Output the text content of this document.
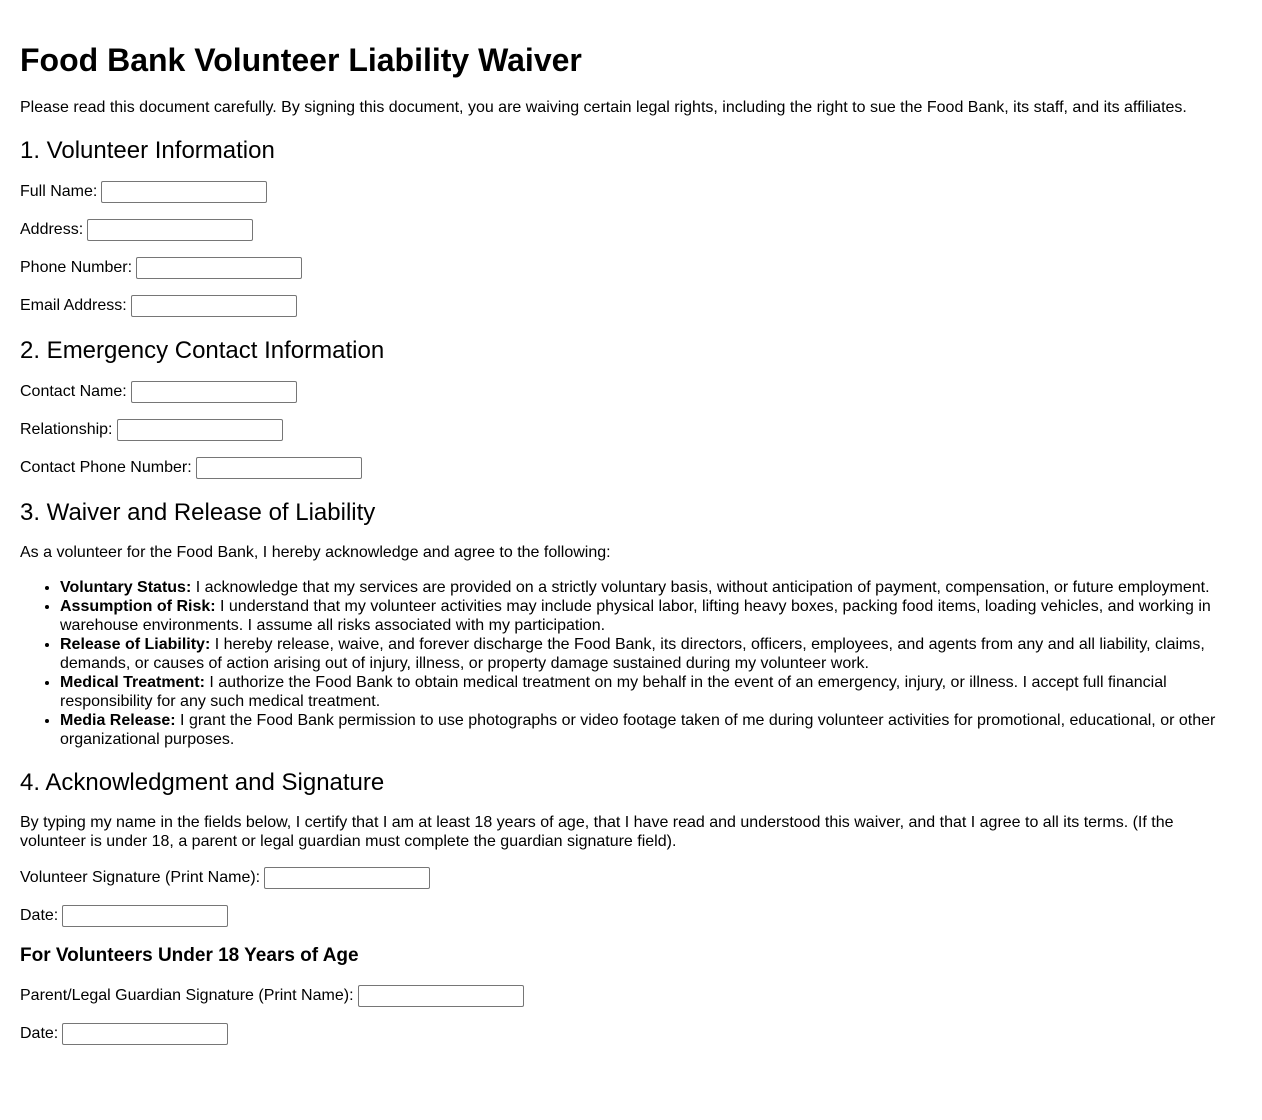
Food Bank Volunteer Liability Waiver

Please read this document carefully. By signing this document, you are waiving certain legal rights, including the right to sue the Food Bank, its staff, and its affiliates.

1. Volunteer Information
Full Name:
Address:
Phone Number:
Email Address:
2. Emergency Contact Information
Contact Name:
Relationship:
Contact Phone Number:
3. Waiver and Release of Liability

As a volunteer for the Food Bank, I hereby acknowledge and agree to the following:

• Voluntary Status: I acknowledge that my services are provided on a strictly voluntary basis, without anticipation of payment, compensation, or future employment.
• Assumption of Risk: I understand that my volunteer activities may include physical labor, lifting heavy boxes, packing food items, loading vehicles, and working in warehouse environments. I assume all risks associated with my participation.
• Release of Liability: I hereby release, waive, and forever discharge the Food Bank, its directors, officers, employees, and agents from any and all liability, claims, demands, or causes of action arising out of injury, illness, or property damage sustained during my volunteer work.
• Medical Treatment: I authorize the Food Bank to obtain medical treatment on my behalf in the event of an emergency, injury, or illness. I accept full financial responsibility for any such medical treatment.
• Media Release: I grant the Food Bank permission to use photographs or video footage taken of me during volunteer activities for promotional, educational, or other organizational purposes.
4. Acknowledgment and Signature

By typing my name in the fields below, I certify that I am at least 18 years of age, that I have read and understood this waiver, and that I agree to all its terms. (If the volunteer is under 18, a parent or legal guardian must complete the guardian signature field).

Volunteer Signature (Print Name):
Date:
For Volunteers Under 18 Years of Age
Parent/Legal Guardian Signature (Print Name):
Date:
